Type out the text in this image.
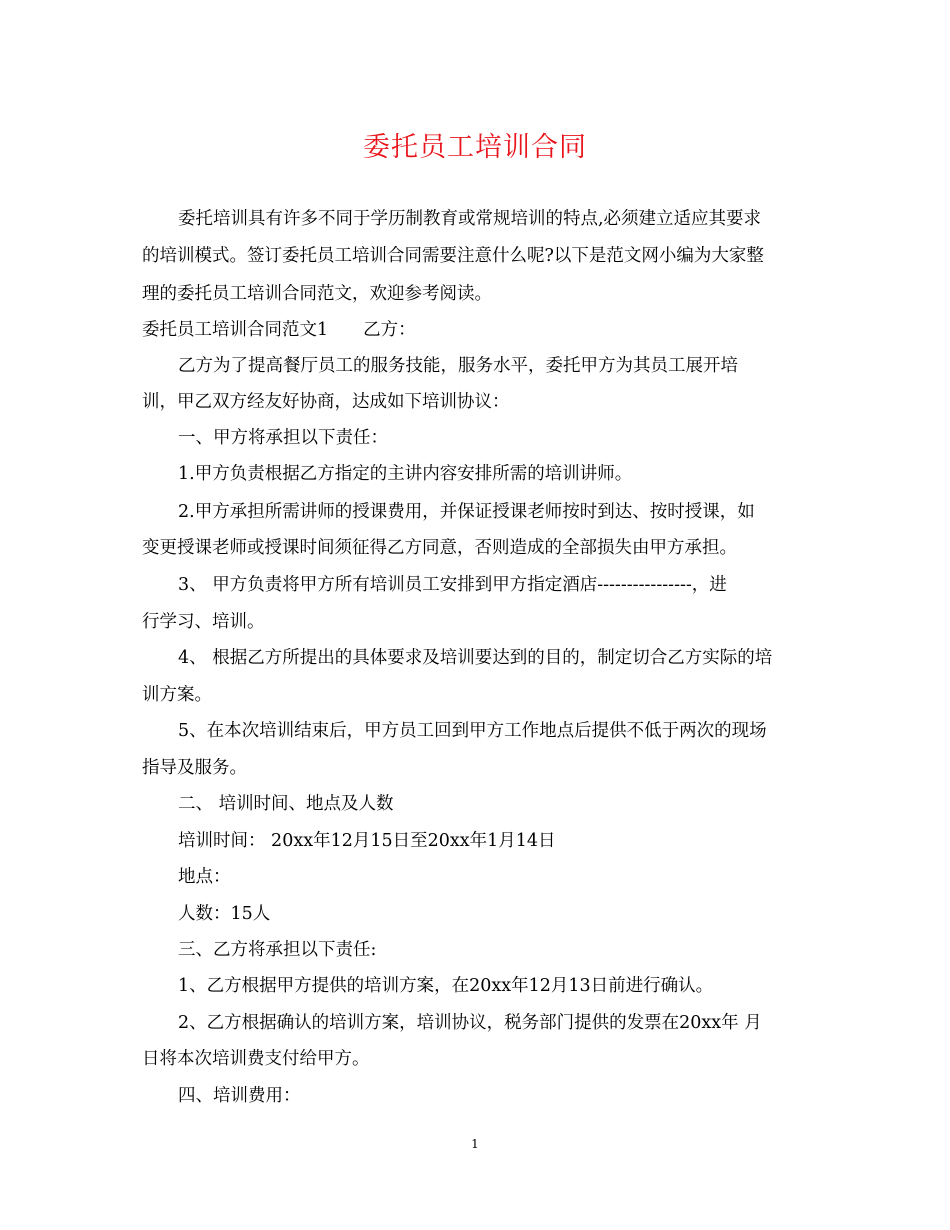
委托员工培训合同
委托培训具有许多不同于学历制教育或常规培训的特点,必须建立适应其要求
的培训模式。签订委托员工培训合同需要注意什么呢?以下是范文网小编为大家整
理的委托员工培训合同范文，欢迎参考阅读。
委托员工培训合同范文1　　乙方：
乙方为了提高餐厅员工的服务技能，服务水平，委托甲方为其员工展开培
训，甲乙双方经友好协商，达成如下培训协议：
一、甲方将承担以下责任：
1.甲方负责根据乙方指定的主讲内容安排所需的培训讲师。
2.甲方承担所需讲师的授课费用，并保证授课老师按时到达、按时授课，如
变更授课老师或授课时间须征得乙方同意，否则造成的全部损失由甲方承担。
3、 甲方负责将甲方所有培训员工安排到甲方指定酒店----------------，进
行学习、培训。
4、 根据乙方所提出的具体要求及培训要达到的目的，制定切合乙方实际的培
训方案。
5、在本次培训结束后，甲方员工回到甲方工作地点后提供不低于两次的现场
指导及服务。
二、 培训时间、地点及人数
培训时间： 20xx年12月15日至20xx年1月14日
地点：
人数：15人
三、乙方将承担以下责任:
1、乙方根据甲方提供的培训方案，在20xx年12月13日前进行确认。
2、乙方根据确认的培训方案，培训协议，税务部门提供的发票在20xx年 月
日将本次培训费支付给甲方。
四、培训费用：
1
